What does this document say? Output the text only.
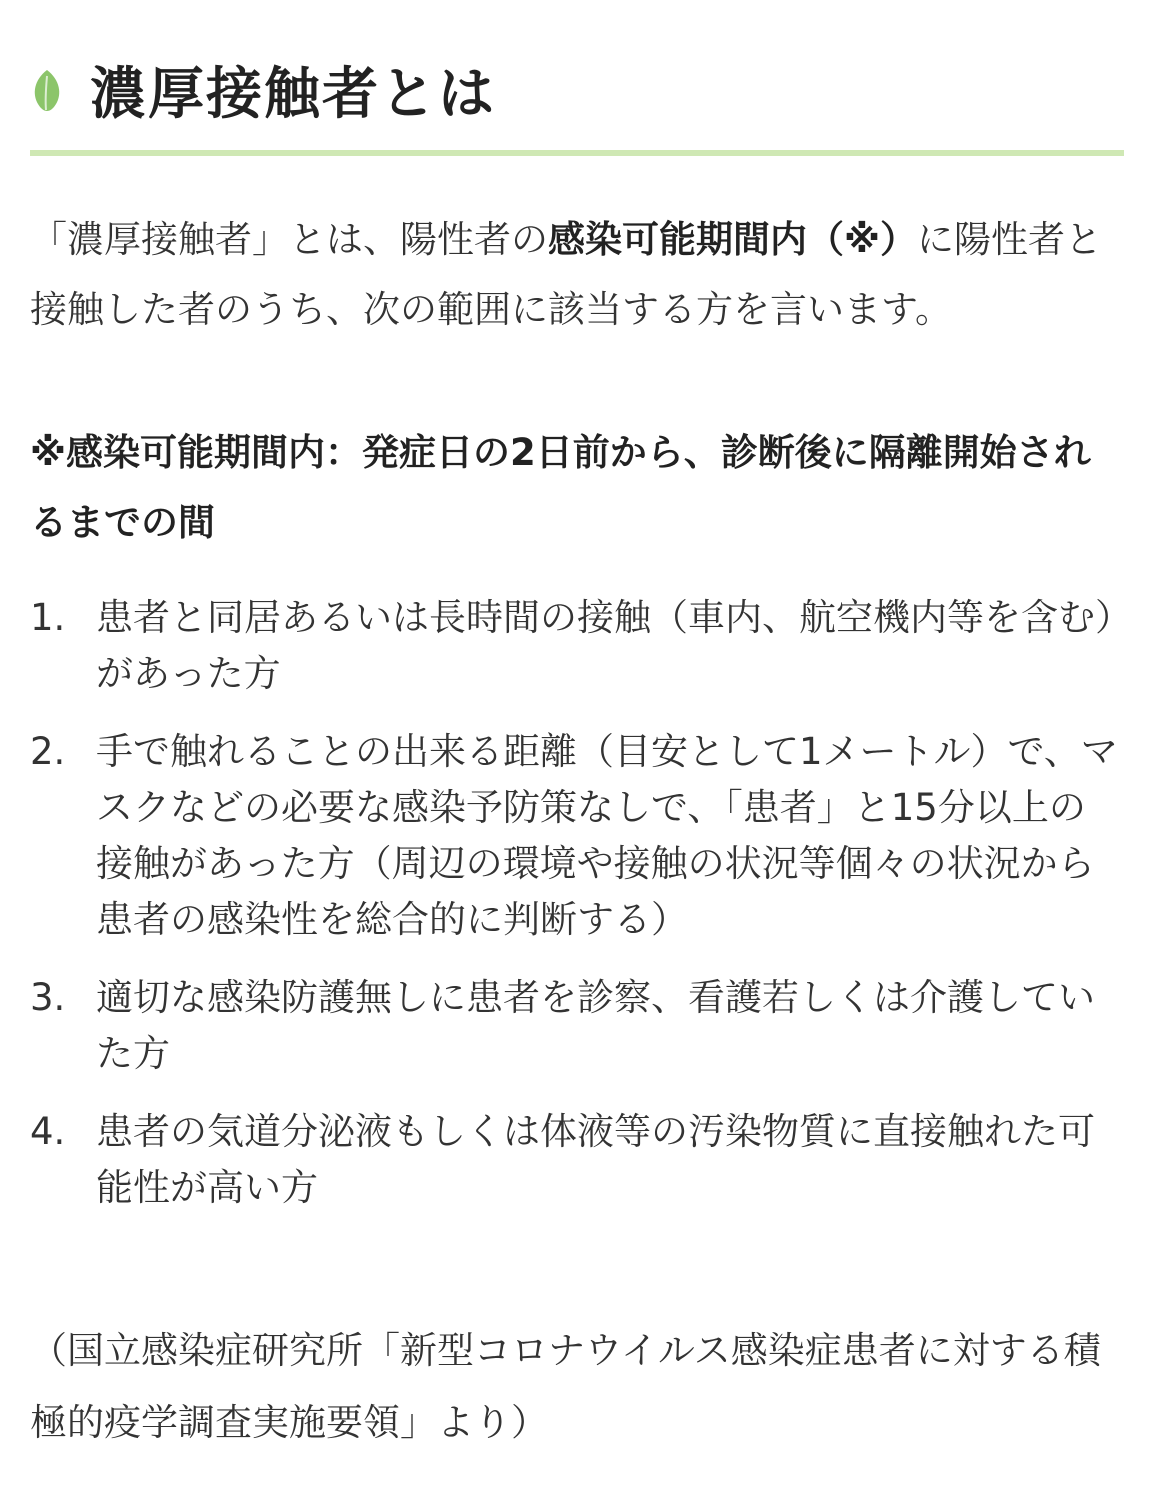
濃厚接触者とは

「濃厚接触者」とは、陽性者の感染可能期間内（※）に陽性者と接触した者のうち、次の範囲に該当する方を言います。

※感染可能期間内：発症日の2日前から、診断後に隔離開始されるまでの間

1. 患者と同居あるいは長時間の接触（車内、航空機内等を含む）があった方
2. 手で触れることの出来る距離（目安として1メートル）で、マスクなどの必要な感染予防策なしで、「患者」と15分以上の接触があった方（周辺の環境や接触の状況等個々の状況から患者の感染性を総合的に判断する）
3. 適切な感染防護無しに患者を診察、看護若しくは介護していた方
4. 患者の気道分泌液もしくは体液等の汚染物質に直接触れた可能性が高い方

（国立感染症研究所「新型コロナウイルス感染症患者に対する積極的疫学調査実施要領」より）
